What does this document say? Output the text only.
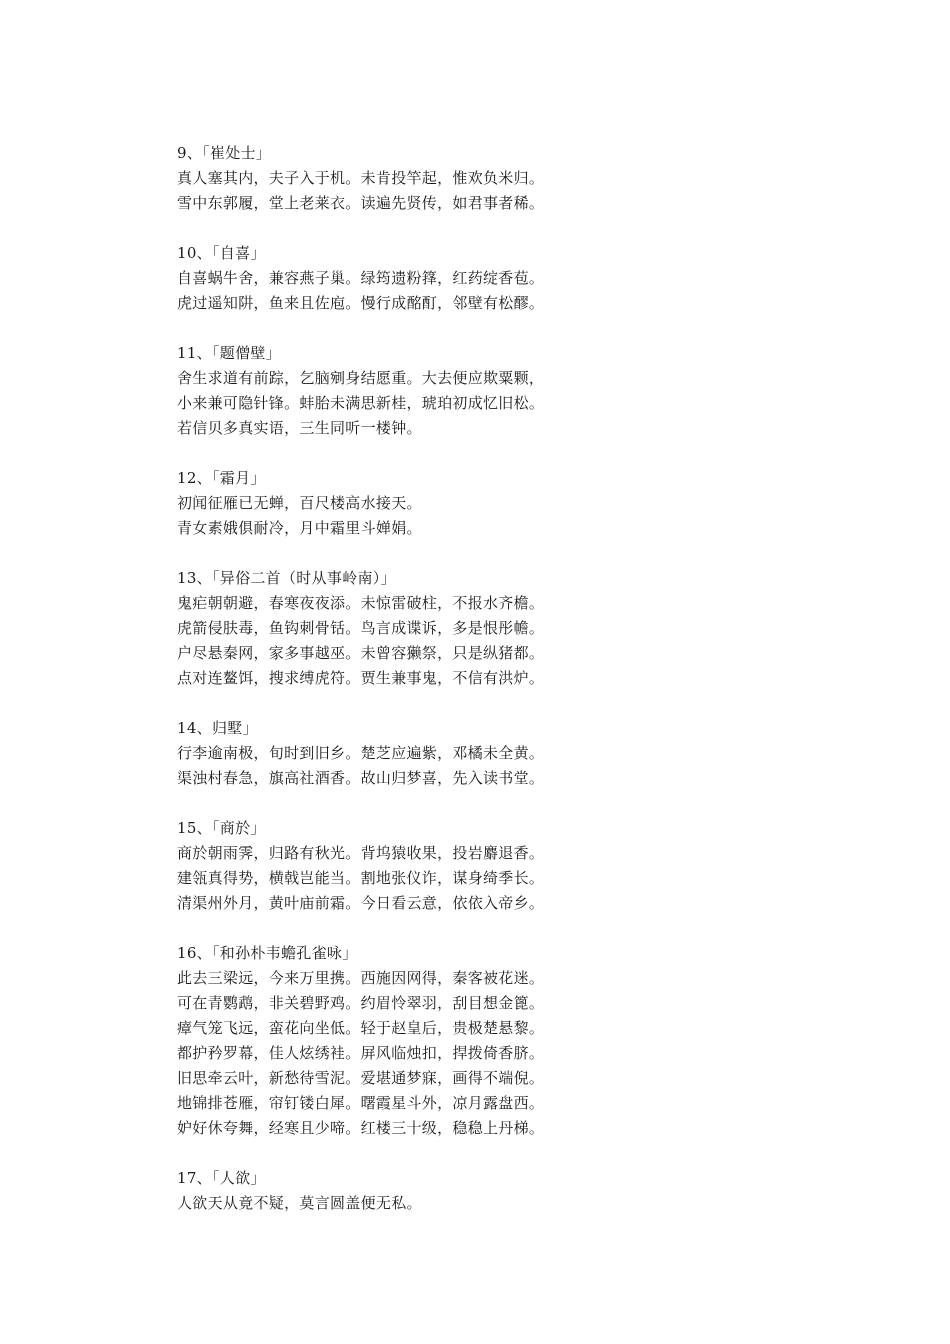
9、「崔处士」
真人塞其内，夫子入于机。未肯投竿起，惟欢负米归。
雪中东郭履，堂上老莱衣。读遍先贤传，如君事者稀。
10、「自喜」
自喜蜗牛舍，兼容燕子巢。绿筠遗粉箨，红药绽香苞。
虎过遥知阱，鱼来且佐庖。慢行成酩酊，邻壁有松醪。
11、「题僧壁」
舍生求道有前踪，乞脑剜身结愿重。大去便应欺粟颗，
小来兼可隐针锋。蚌胎未满思新桂，琥珀初成忆旧松。
若信贝多真实语，三生同听一楼钟。
12、「霜月」
初闻征雁已无蝉，百尺楼高水接天。
青女素娥俱耐冷，月中霜里斗婵娟。
13、「异俗二首（时从事岭南）」
鬼疟朝朝避，春寒夜夜添。未惊雷破柱，不报水齐檐。
虎箭侵肤毒，鱼钩刺骨铦。鸟言成谍诉，多是恨彤幨。
户尽悬秦网，家多事越巫。未曾容獭祭，只是纵猪都。
点对连鳌饵，搜求缚虎符。贾生兼事鬼，不信有洪炉。
14、归墅」
行李逾南极，旬时到旧乡。楚芝应遍紫，邓橘未全黄。
渠浊村春急，旗高社酒香。故山归梦喜，先入读书堂。
15、「商於」
商於朝雨霁，归路有秋光。背坞猿收果，投岩麝退香。
建瓴真得势，横戟岂能当。割地张仪诈，谋身绮季长。
清渠州外月，黄叶庙前霜。今日看云意，依依入帝乡。
16、「和孙朴韦蟾孔雀咏」
此去三梁远，今来万里携。西施因网得，秦客被花迷。
可在青鹦鹉，非关碧野鸡。约眉怜翠羽，刮目想金篦。
瘴气笼飞远，蛮花向坐低。轻于赵皇后，贵极楚悬黎。
都护矜罗幕，佳人炫绣袿。屏风临烛扣，捍拨倚香脐。
旧思牵云叶，新愁待雪泥。爱堪通梦寐，画得不端倪。
地锦排苍雁，帘钉镂白犀。曙霞星斗外，凉月露盘西。
妒好休夸舞，经寒且少啼。红楼三十级，稳稳上丹梯。
17、「人欲」
人欲天从竟不疑，莫言圆盖便无私。
